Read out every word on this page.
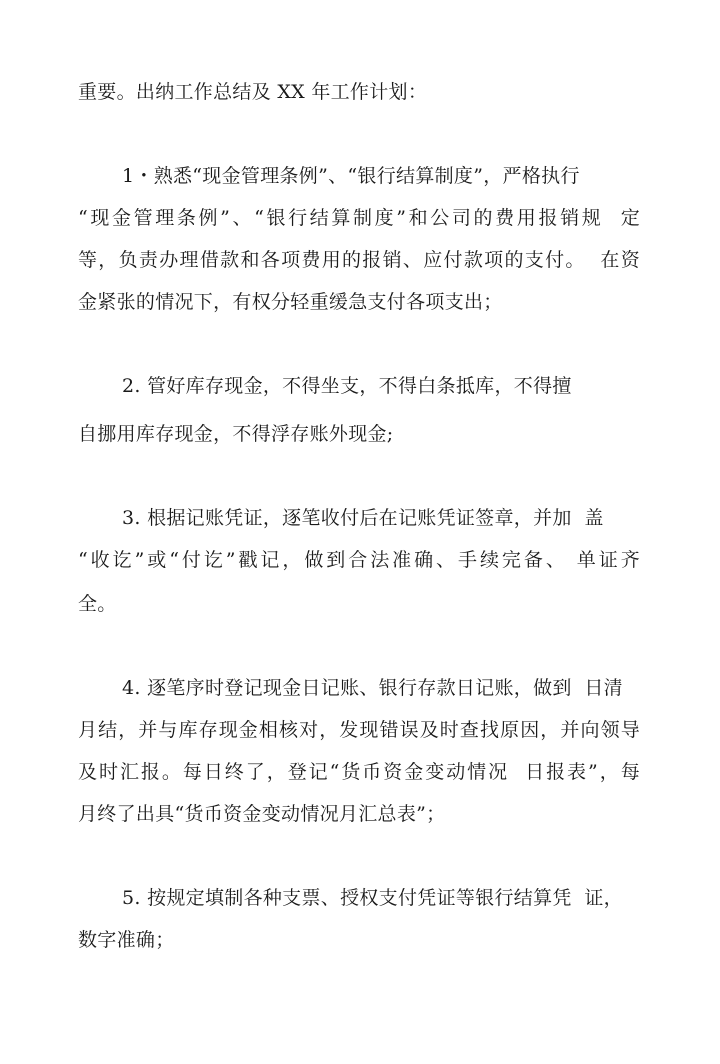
重要。出纳工作总结及 XX 年工作计划：
1・熟悉“现金管理条例”、“银行结算制度”，严格执行
“现金管理条例”、“银行结算制度”和公司的费用报销规  定
等，负责办理借款和各项费用的报销、应付款项的支付。  在资
金紧张的情况下，有权分轻重缓急支付各项支出；
2. 管好库存现金，不得坐支，不得白条抵库，不得擅
自挪用库存现金，不得浮存账外现金;
3. 根据记账凭证，逐笔收付后在记账凭证签章，并加  盖
“收讫”或“付讫”戳记，做到合法准确、手续完备、 单证齐
全。
4. 逐笔序时登记现金日记账、银行存款日记账，做到  日清
月结，并与库存现金相核对，发现错误及时查找原因，并向领导
及时汇报。每日终了，登记“货币资金变动情况  日报表”，每
月终了出具“货币资金变动情况月汇总表”；
5. 按规定填制各种支票、授权支付凭证等银行结算凭  证，
数字准确；
